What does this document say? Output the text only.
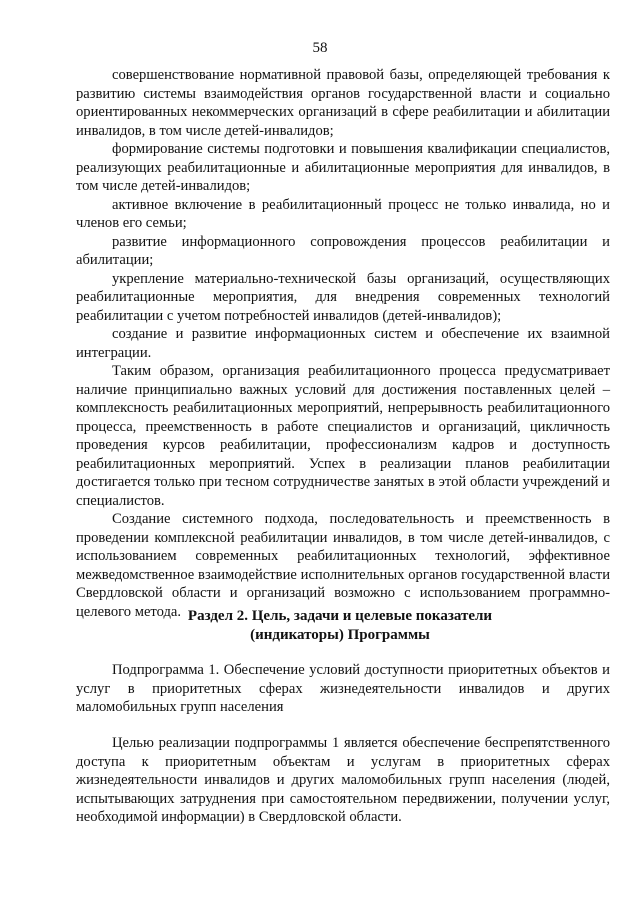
58

совершенствование нормативной правовой базы, определяющей требования к развитию системы взаимодействия органов государственной власти и социально ориентированных некоммерческих организаций в сфере реабилитации и абилитации инвалидов, в том числе детей-инвалидов;

формирование системы подготовки и повышения квалификации специалистов, реализующих реабилитационные и абилитационные мероприятия для инвалидов, в том числе детей-инвалидов;

активное включение в реабилитационный процесс не только инвалида, но и членов его семьи;

развитие информационного сопровождения процессов реабилитации и абилитации;

укрепление материально-технической базы организаций, осуществляющих реабилитационные мероприятия, для внедрения современных технологий реабилитации с учетом потребностей инвалидов (детей-инвалидов);

создание и развитие информационных систем и обеспечение их взаимной интеграции.

Таким образом, организация реабилитационного процесса предусматривает наличие принципиально важных условий для достижения поставленных целей – комплексность реабилитационных мероприятий, непрерывность реабилитационного процесса, преемственность в работе специалистов и организаций, цикличность проведения курсов реабилитации, профессионализм кадров и доступность реабилитационных мероприятий. Успех в реализации планов реабилитации достигается только при тесном сотрудничестве занятых в этой области учреждений и специалистов.

Создание системного подхода, последовательность и преемственность в проведении комплексной реабилитации инвалидов, в том числе детей-инвалидов, с использованием современных реабилитационных технологий, эффективное межведомственное взаимодействие исполнительных органов государственной власти Свердловской области и организаций возможно с использованием программно-целевого метода. Раздел 2. Цель, задачи и целевые показатели
(индикаторы) Программы

Подпрограмма 1. Обеспечение условий доступности приоритетных объектов и услуг в приоритетных сферах жизнедеятельности инвалидов и других маломобильных групп населения

Целью реализации подпрограммы 1 является обеспечение беспрепятственного доступа к приоритетным объектам и услугам в приоритетных сферах жизнедеятельности инвалидов и других маломобильных групп населения (людей, испытывающих затруднения при самостоятельном передвижении, получении услуг, необходимой информации) в Свердловской области.
